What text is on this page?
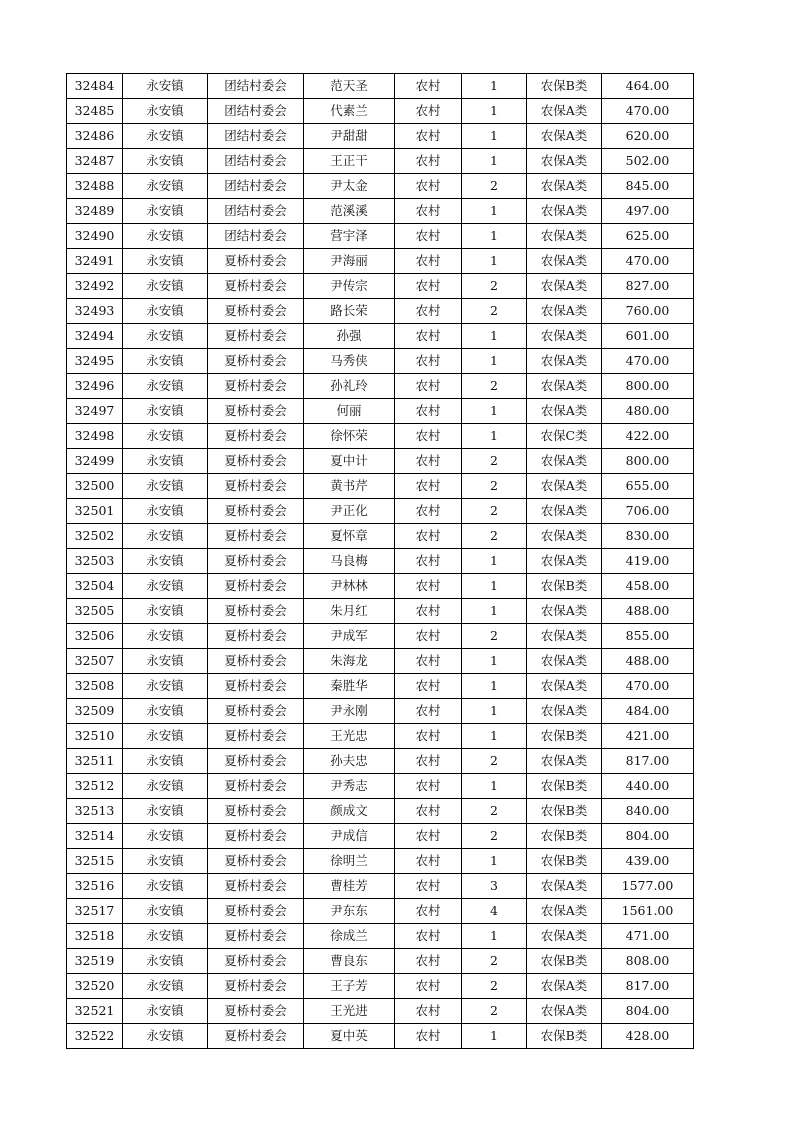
32484	永安镇	团结村委会	范天圣	农村	1	农保B类	464.00
32485	永安镇	团结村委会	代素兰	农村	1	农保A类	470.00
32486	永安镇	团结村委会	尹甜甜	农村	1	农保A类	620.00
32487	永安镇	团结村委会	王正干	农村	1	农保A类	502.00
32488	永安镇	团结村委会	尹太金	农村	2	农保A类	845.00
32489	永安镇	团结村委会	范溪溪	农村	1	农保A类	497.00
32490	永安镇	团结村委会	营宇泽	农村	1	农保A类	625.00
32491	永安镇	夏桥村委会	尹海丽	农村	1	农保A类	470.00
32492	永安镇	夏桥村委会	尹传宗	农村	2	农保A类	827.00
32493	永安镇	夏桥村委会	路长荣	农村	2	农保A类	760.00
32494	永安镇	夏桥村委会	孙强	农村	1	农保A类	601.00
32495	永安镇	夏桥村委会	马秀侠	农村	1	农保A类	470.00
32496	永安镇	夏桥村委会	孙礼玲	农村	2	农保A类	800.00
32497	永安镇	夏桥村委会	何丽	农村	1	农保A类	480.00
32498	永安镇	夏桥村委会	徐怀荣	农村	1	农保C类	422.00
32499	永安镇	夏桥村委会	夏中计	农村	2	农保A类	800.00
32500	永安镇	夏桥村委会	黄书芹	农村	2	农保A类	655.00
32501	永安镇	夏桥村委会	尹正化	农村	2	农保A类	706.00
32502	永安镇	夏桥村委会	夏怀章	农村	2	农保A类	830.00
32503	永安镇	夏桥村委会	马良梅	农村	1	农保A类	419.00
32504	永安镇	夏桥村委会	尹林林	农村	1	农保B类	458.00
32505	永安镇	夏桥村委会	朱月红	农村	1	农保A类	488.00
32506	永安镇	夏桥村委会	尹成军	农村	2	农保A类	855.00
32507	永安镇	夏桥村委会	朱海龙	农村	1	农保A类	488.00
32508	永安镇	夏桥村委会	秦胜华	农村	1	农保A类	470.00
32509	永安镇	夏桥村委会	尹永刚	农村	1	农保A类	484.00
32510	永安镇	夏桥村委会	王光忠	农村	1	农保B类	421.00
32511	永安镇	夏桥村委会	孙夫忠	农村	2	农保A类	817.00
32512	永安镇	夏桥村委会	尹秀志	农村	1	农保B类	440.00
32513	永安镇	夏桥村委会	颜成文	农村	2	农保B类	840.00
32514	永安镇	夏桥村委会	尹成信	农村	2	农保B类	804.00
32515	永安镇	夏桥村委会	徐明兰	农村	1	农保B类	439.00
32516	永安镇	夏桥村委会	曹桂芳	农村	3	农保A类	1577.00
32517	永安镇	夏桥村委会	尹东东	农村	4	农保A类	1561.00
32518	永安镇	夏桥村委会	徐成兰	农村	1	农保A类	471.00
32519	永安镇	夏桥村委会	曹良东	农村	2	农保B类	808.00
32520	永安镇	夏桥村委会	王子芳	农村	2	农保A类	817.00
32521	永安镇	夏桥村委会	王光进	农村	2	农保A类	804.00
32522	永安镇	夏桥村委会	夏中英	农村	1	农保B类	428.00
